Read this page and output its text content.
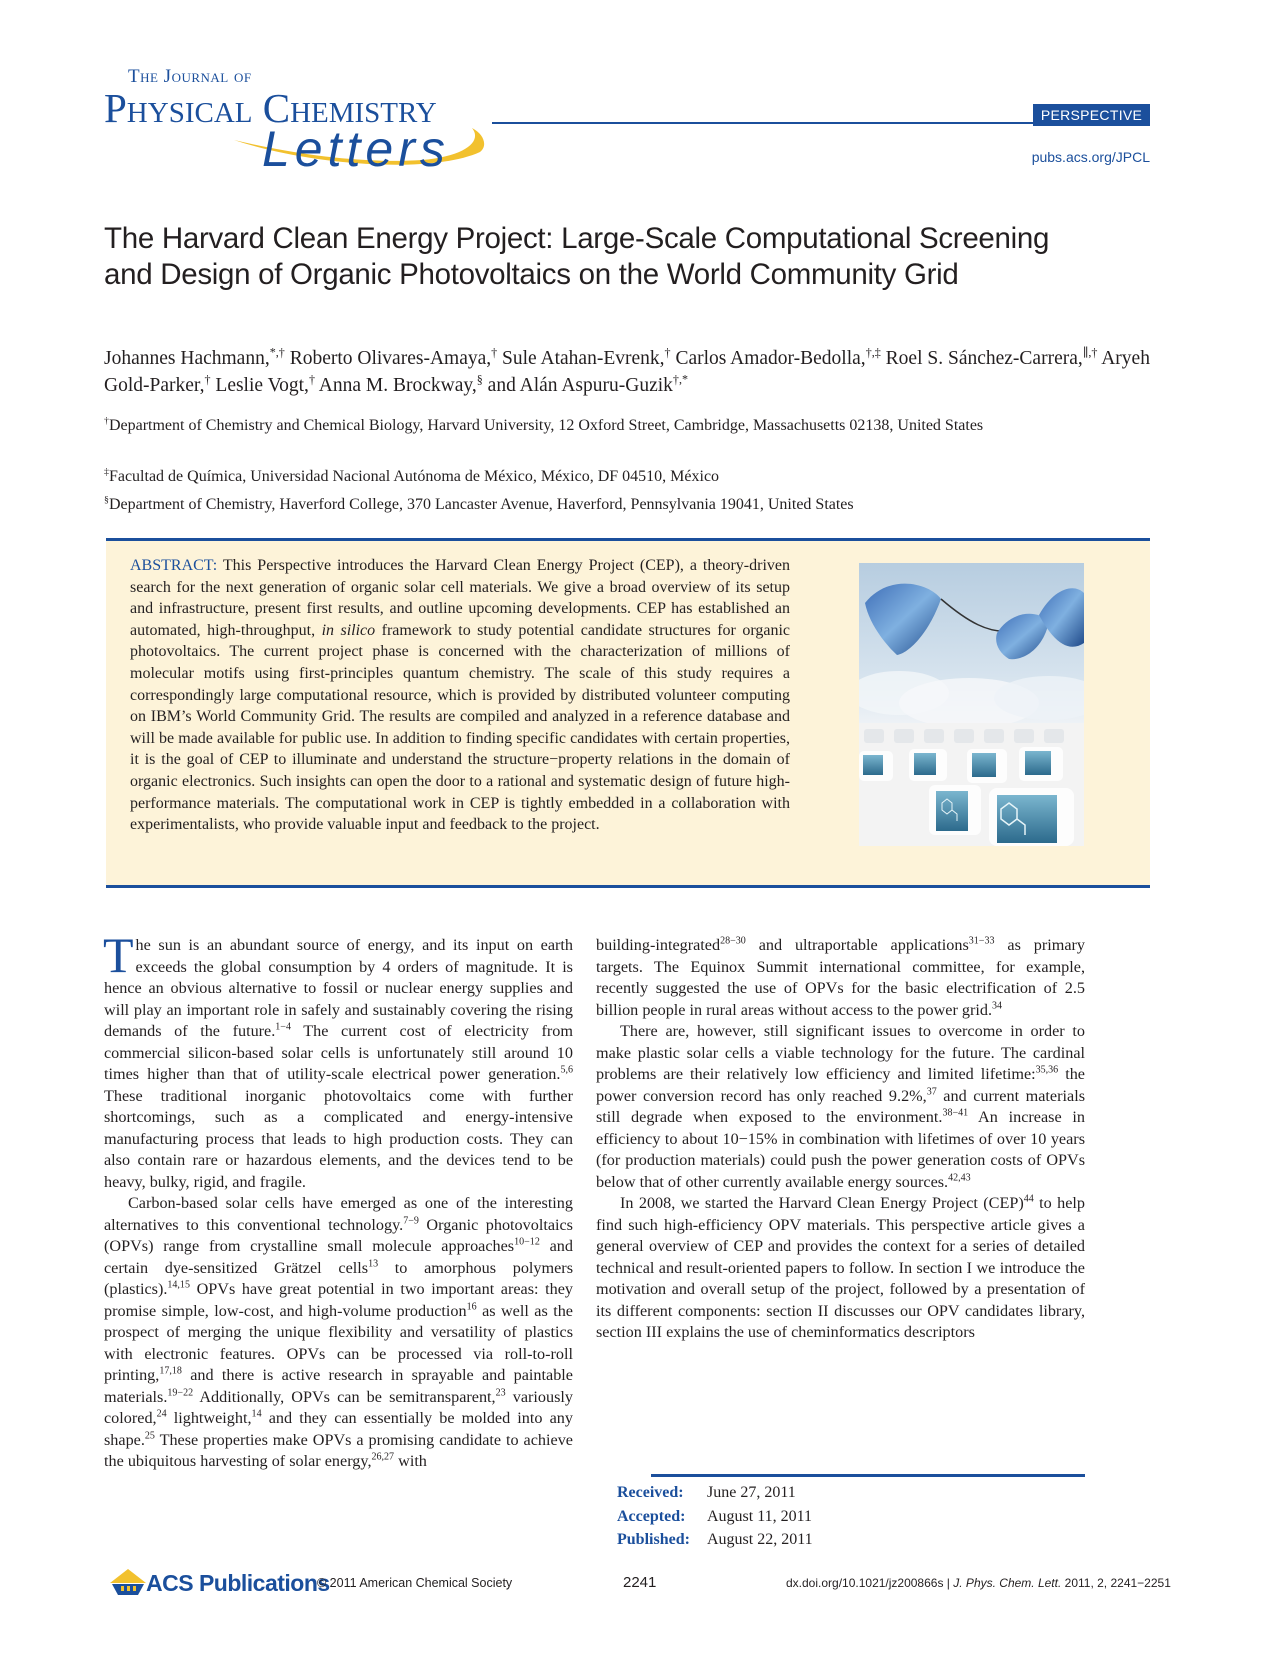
The Journal of
Physical Chemistry
Letters
PERSPECTIVE
pubs.acs.org/JPCL
The Harvard Clean Energy Project: Large-Scale Computational Screening and Design of Organic Photovoltaics on the World Community Grid
Johannes Hachmann,*,† Roberto Olivares-Amaya,† Sule Atahan-Evrenk,† Carlos Amador-Bedolla,†,‡ Roel S. Sánchez-Carrera,∥,† Aryeh Gold-Parker,† Leslie Vogt,† Anna M. Brockway,§ and Alán Aspuru-Guzik†,*
†Department of Chemistry and Chemical Biology, Harvard University, 12 Oxford Street, Cambridge, Massachusetts 02138, United States
‡Facultad de Química, Universidad Nacional Autónoma de México, México, DF 04510, México
§Department of Chemistry, Haverford College, 370 Lancaster Avenue, Haverford, Pennsylvania 19041, United States
ABSTRACT: This Perspective introduces the Harvard Clean Energy Project (CEP), a theory-driven search for the next generation of organic solar cell materials. We give a broad overview of its setup and infrastructure, present first results, and outline upcoming developments. CEP has established an automated, high-throughput, in silico framework to study potential candidate structures for organic photovoltaics. The current project phase is concerned with the characterization of millions of molecular motifs using first-principles quantum chemistry. The scale of this study requires a correspondingly large computational resource, which is provided by distributed volunteer computing on IBM’s World Community Grid. The results are compiled and analyzed in a reference database and will be made available for public use. In addition to finding specific candidates with certain properties, it is the goal of CEP to illuminate and understand the structure−property relations in the domain of organic electronics. Such insights can open the door to a rational and systematic design of future high-performance materials. The computational work in CEP is tightly embedded in a collaboration with experimentalists, who provide valuable input and feedback to the project.

The sun is an abundant source of energy, and its input on earth exceeds the global consumption by 4 orders of magnitude. It is hence an obvious alternative to fossil or nuclear energy supplies and will play an important role in safely and sustainably covering the rising demands of the future.$^{1-4}$ The current cost of electricity from commercial silicon-based solar cells is unfortunately still around 10 times higher than that of utility-scale electrical power generation.$^{5,6}$ These traditional inorganic photovoltaics come with further shortcomings, such as a complicated and energy-intensive manufacturing process that leads to high production costs. They can also contain rare or hazardous elements, and the devices tend to be heavy, bulky, rigid, and fragile.

Carbon-based solar cells have emerged as one of the interesting alternatives to this conventional technology.$^{7-9}$ Organic photovoltaics (OPVs) range from crystalline small molecule approaches$^{10-12}$ and certain dye-sensitized Grätzel cells$^{13}$ to amorphous polymers (plastics).$^{14,15}$ OPVs have great potential in two important areas: they promise simple, low-cost, and high-volume production$^{16}$ as well as the prospect of merging the unique flexibility and versatility of plastics with electronic features. OPVs can be processed via roll-to-roll printing,$^{17,18}$ and there is active research in sprayable and paintable materials.$^{19-22}$ Additionally, OPVs can be semitransparent,$^{23}$ variously colored,$^{24}$ lightweight,$^{14}$ and they can essentially be molded into any shape.$^{25}$ These properties make OPVs a promising candidate to achieve the ubiquitous harvesting of solar energy,$^{26,27}$ with

building-integrated$^{28-30}$ and ultraportable applications$^{31-33}$ as primary targets. The Equinox Summit international committee, for example, recently suggested the use of OPVs for the basic electrification of 2.5 billion people in rural areas without access to the power grid.$^{34}$

There are, however, still significant issues to overcome in order to make plastic solar cells a viable technology for the future. The cardinal problems are their relatively low efficiency and limited lifetime:$^{35,36}$ the power conversion record has only reached 9.2%,$^{37}$ and current materials still degrade when exposed to the environment.$^{38-41}$ An increase in efficiency to about 10−15% in combination with lifetimes of over 10 years (for production materials) could push the power generation costs of OPVs below that of other currently available energy sources.$^{42,43}$

In 2008, we started the Harvard Clean Energy Project (CEP)$^{44}$ to help find such high-efficiency OPV materials. This perspective article gives a general overview of CEP and provides the context for a series of detailed technical and result-oriented papers to follow. In section I we introduce the motivation and overall setup of the project, followed by a presentation of its different components: section II discusses our OPV candidates library, section III explains the use of cheminformatics descriptors

Received:	June 27, 2011
Accepted:	August 11, 2011
Published:	August 22, 2011
ACS Publications
© 2011 American Chemical Society	2241	dx.doi.org/10.1021/jz200866s | J. Phys. Chem. Lett. 2011, 2, 2241−2251
